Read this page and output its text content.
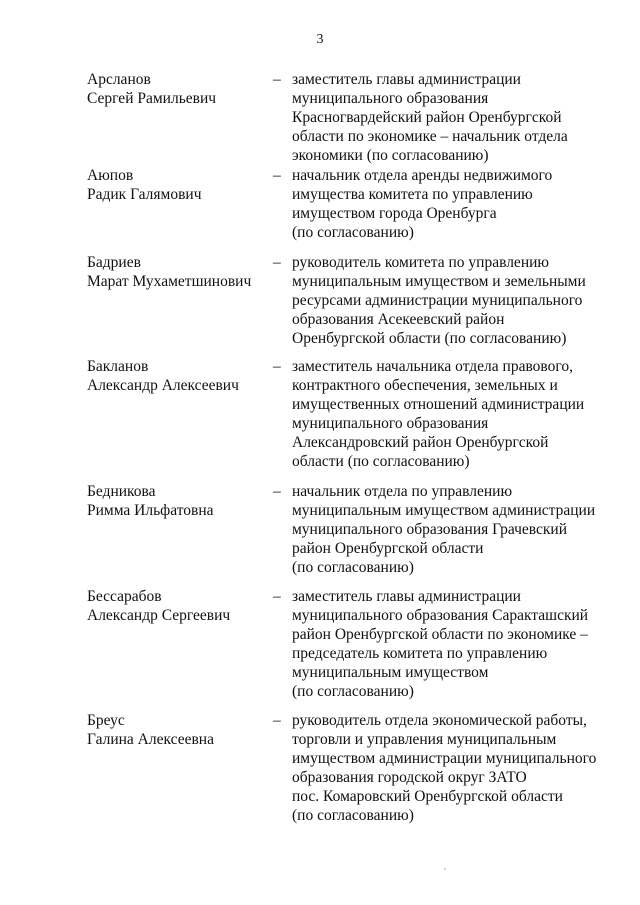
3
Арсланов
Сергей Рамильевич
– заместитель главы администрации
муниципального образования
Красногвардейский район Оренбургской
области по экономике – начальник отдела
экономики (по согласованию)
Аюпов
Радик Галямович
– начальник отдела аренды недвижимого
имущества комитета по управлению
имуществом города Оренбурга
(по согласованию)
Бадриев
Марат Мухаметшинович
– руководитель комитета по управлению
муниципальным имуществом и земельными
ресурсами администрации муниципального
образования Асекеевский район
Оренбургской области (по согласованию)
Бакланов
Александр Алексеевич
– заместитель начальника отдела правового,
контрактного обеспечения, земельных и
имущественных отношений администрации
муниципального образования
Александровский район Оренбургской
области (по согласованию)
Бедникова
Римма Ильфатовна
– начальник отдела по управлению
муниципальным имуществом администрации
муниципального образования Грачевский
район Оренбургской области
(по согласованию)
Бессарабов
Александр Сергеевич
– заместитель главы администрации
муниципального образования Саракташский
район Оренбургской области по экономике –
председатель комитета по управлению
муниципальным имуществом
(по согласованию)
Бреус
Галина Алексеевна
– руководитель отдела экономической работы,
торговли и управления муниципальным
имуществом администрации муниципального
образования городской округ ЗАТО
пос. Комаровский Оренбургской области
(по согласованию)
